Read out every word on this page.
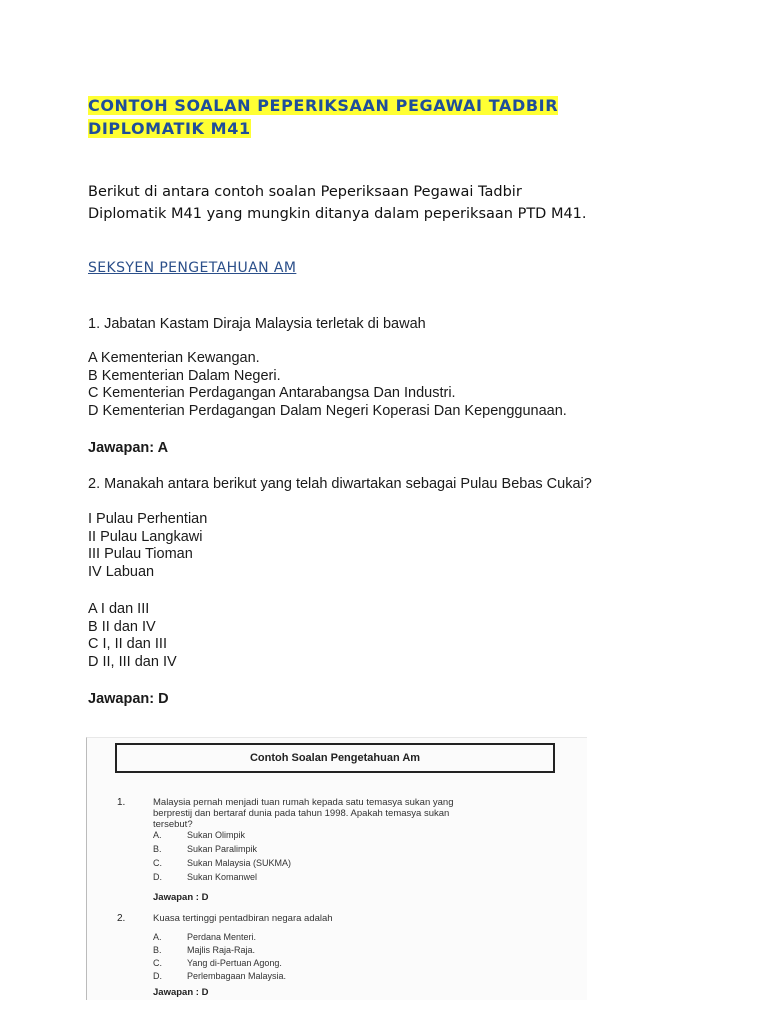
CONTOH SOALAN PEPERIKSAAN PEGAWAI TADBIR
DIPLOMATIK M41
Berikut di antara contoh soalan Peperiksaan Pegawai Tadbir
Diplomatik M41 yang mungkin ditanya dalam peperiksaan PTD M41.
SEKSYEN PENGETAHUAN AM
1. Jabatan Kastam Diraja Malaysia terletak di bawah
A Kementerian Kewangan.
B Kementerian Dalam Negeri.
C Kementerian Perdagangan Antarabangsa Dan Industri.
D Kementerian Perdagangan Dalam Negeri Koperasi Dan Kepenggunaan.
Jawapan: A
2. Manakah antara berikut yang telah diwartakan sebagai Pulau Bebas Cukai?
I Pulau Perhentian
II Pulau Langkawi
III Pulau Tioman
IV Labuan
A I dan III
B II dan IV
C I, II dan III
D II, III dan IV
Jawapan: D
Contoh Soalan Pengetahuan Am
1.	Malaysia pernah menjadi tuan rumah kepada satu temasya sukan yang
berprestij dan bertaraf dunia pada tahun 1998. Apakah temasya sukan
tersebut?
A.	Sukan Olimpik
B.	Sukan Paralimpik
C.	Sukan Malaysia (SUKMA)
D.	Sukan Komanwel
Jawapan : D
2.	Kuasa tertinggi pentadbiran negara adalah
A.	Perdana Menteri.
B.	Majlis Raja-Raja.
C.	Yang di-Pertuan Agong.
D.	Perlembagaan Malaysia.
Jawapan : D
